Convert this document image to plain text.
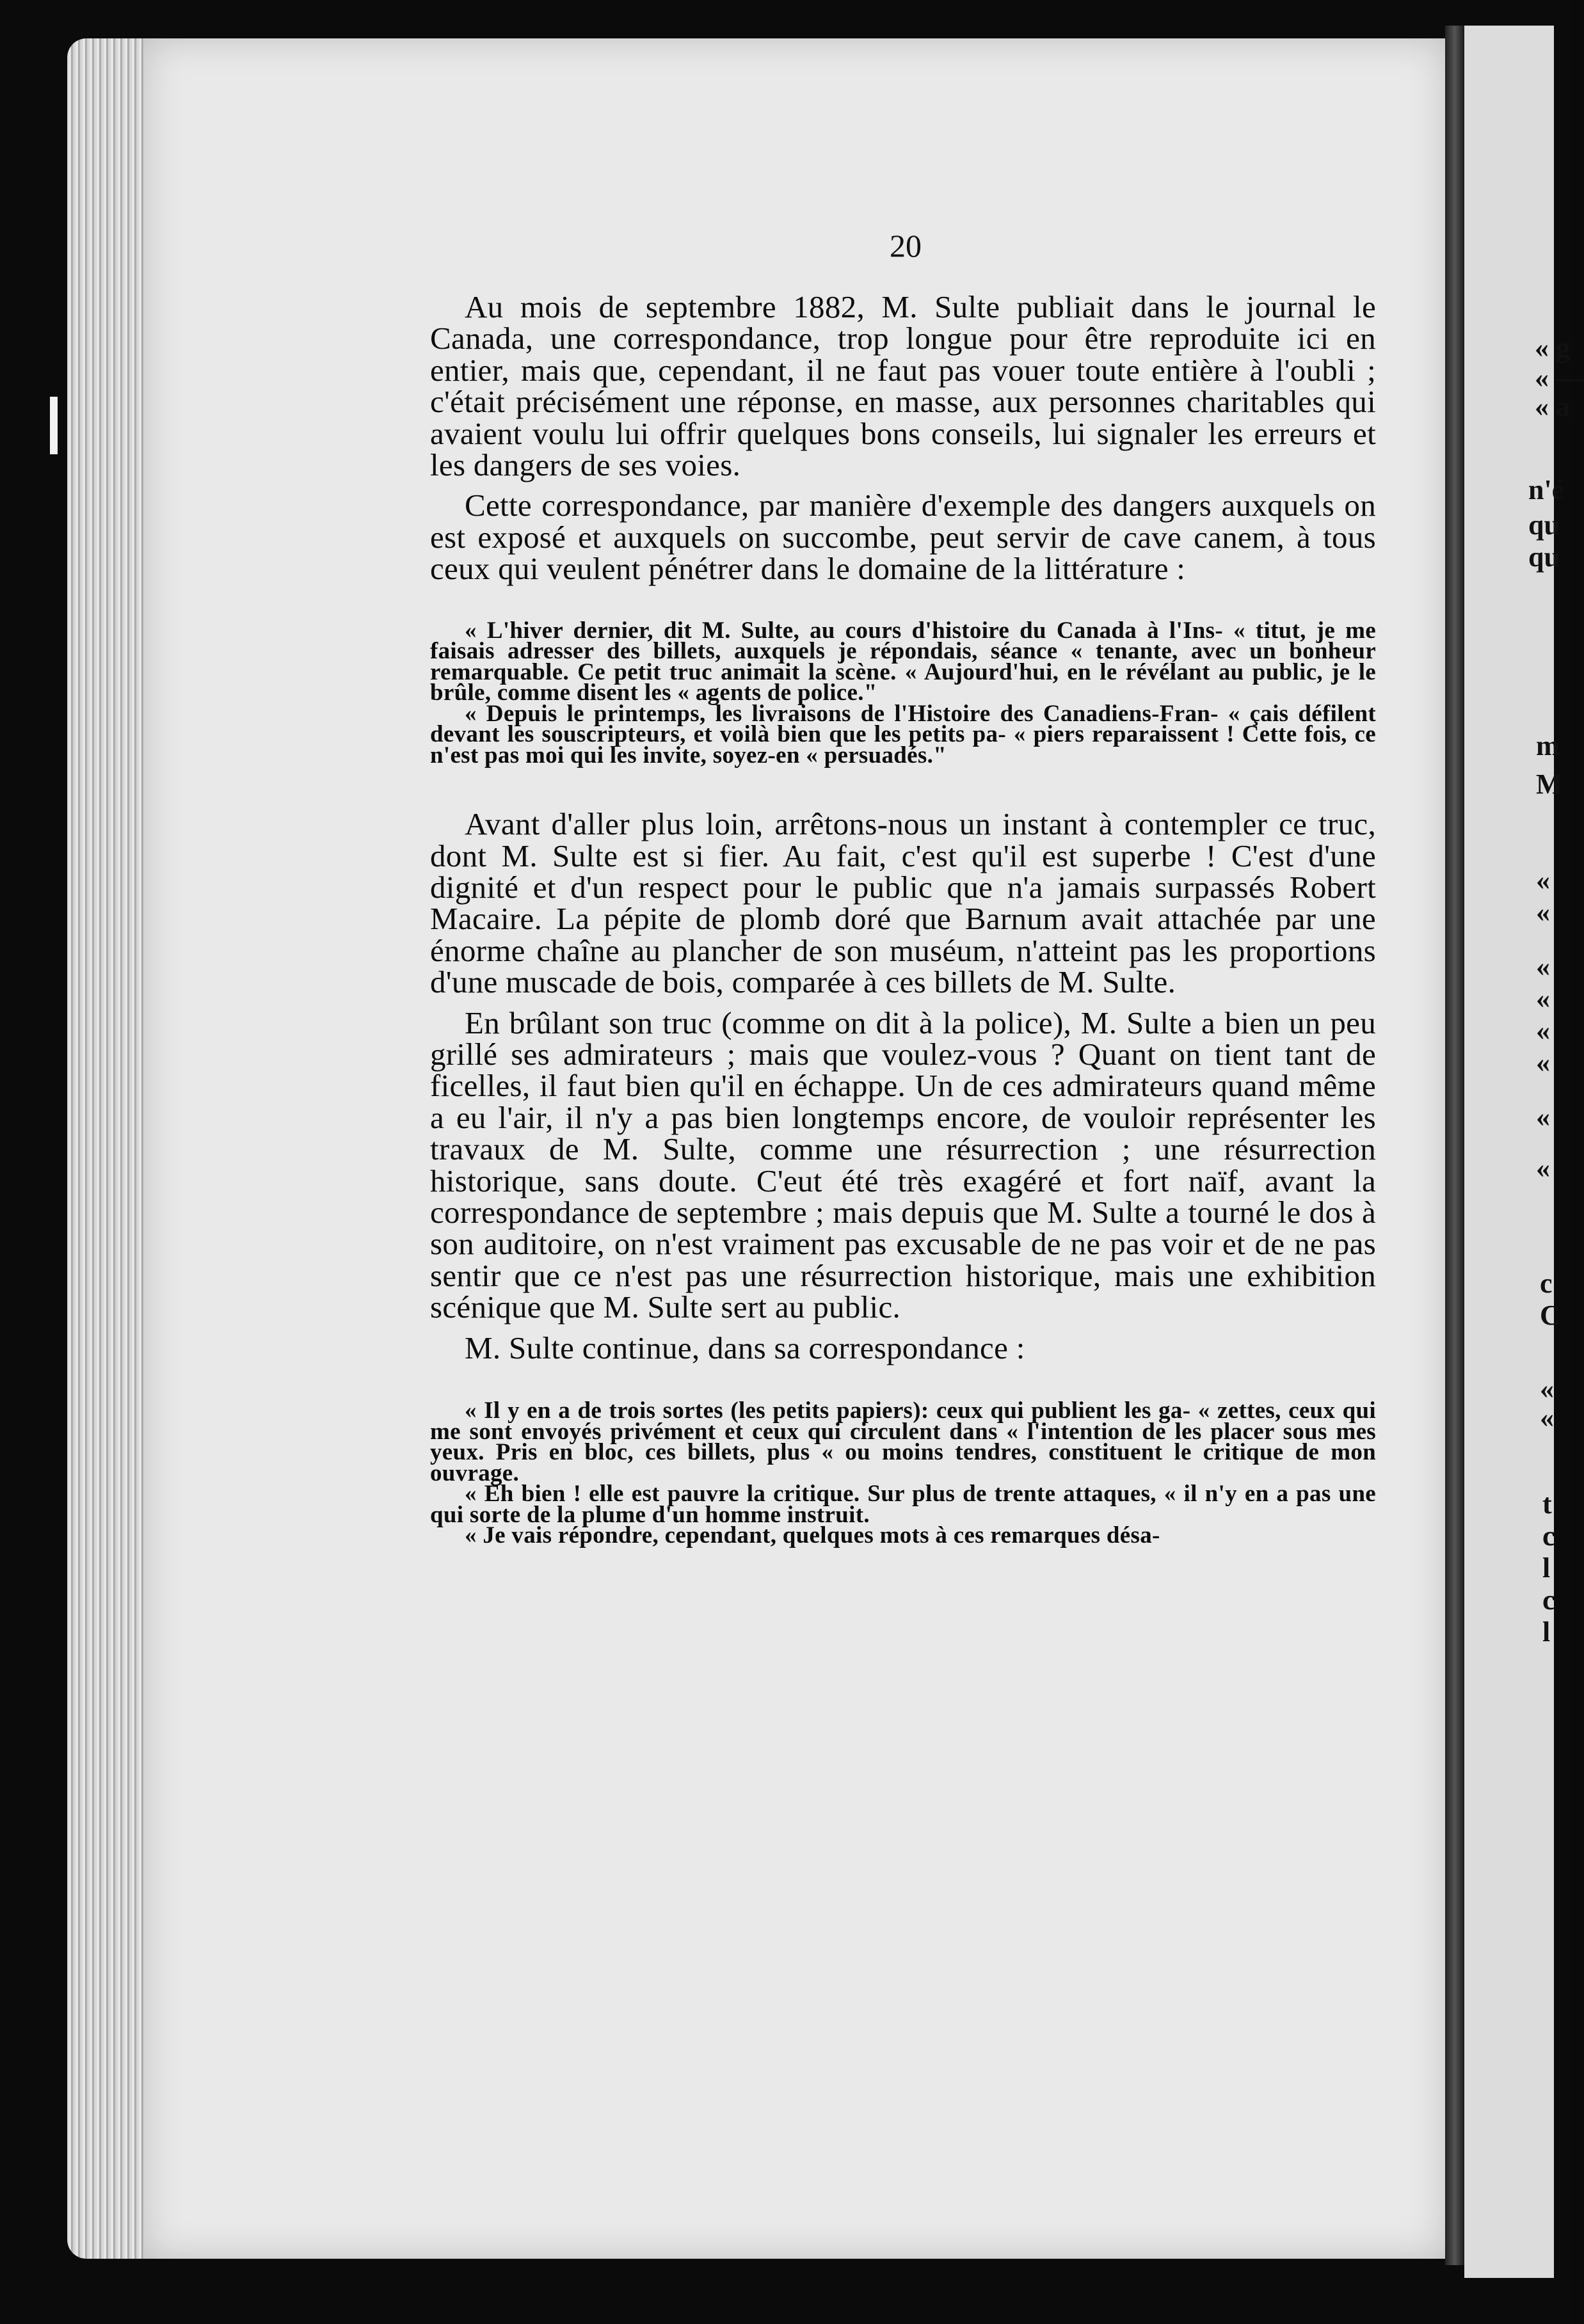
20

Au mois de septembre 1882, M. Sulte publiait dans le journal le Canada, une correspondance, trop longue pour être reproduite ici en entier, mais que, cependant, il ne faut pas vouer toute entière à l'oubli ; c'était précisément une réponse, en masse, aux personnes charitables qui avaient voulu lui offrir quelques bons conseils, lui signaler les erreurs et les dangers de ses voies.

Cette correspondance, par manière d'exemple des dangers auxquels on est exposé et auxquels on succombe, peut servir de cave canem, à tous ceux qui veulent pénétrer dans le domaine de la littérature :

« L'hiver dernier, dit M. Sulte, au cours d'histoire du Canada à l'Ins- « titut, je me faisais adresser des billets, auxquels je répondais, séance « tenante, avec un bonheur remarquable. Ce petit truc animait la scène. « Aujourd'hui, en le révélant au public, je le brûle, comme disent les « agents de police."

« Depuis le printemps, les livraisons de l'Histoire des Canadiens-Fran- « çais défilent devant les souscripteurs, et voilà bien que les petits pa- « piers reparaissent ! Cette fois, ce n'est pas moi qui les invite, soyez-en « persuadés."

Avant d'aller plus loin, arrêtons-nous un instant à contempler ce truc, dont M. Sulte est si fier. Au fait, c'est qu'il est superbe ! C'est d'une dignité et d'un respect pour le public que n'a jamais surpassés Robert Macaire. La pépite de plomb doré que Barnum avait attachée par une énorme chaîne au plancher de son muséum, n'atteint pas les proportions d'une muscade de bois, comparée à ces billets de M. Sulte.

En brûlant son truc (comme on dit à la police), M. Sulte a bien un peu grillé ses admirateurs ; mais que voulez-vous ? Quant on tient tant de ficelles, il faut bien qu'il en échappe. Un de ces admirateurs quand même a eu l'air, il n'y a pas bien longtemps encore, de vouloir représenter les travaux de M. Sulte, comme une résurrection ; une résurrection historique, sans doute. C'eut été très exagéré et fort naïf, avant la correspondance de septembre ; mais depuis que M. Sulte a tourné le dos à son auditoire, on n'est vraiment pas excusable de ne pas voir et de ne pas sentir que ce n'est pas une résurrection historique, mais une exhibition scénique que M. Sulte sert au public.

M. Sulte continue, dans sa correspondance :

« Il y en a de trois sortes (les petits papiers): ceux qui publient les ga- « zettes, ceux qui me sont envoyés privément et ceux qui circulent dans « l'intention de les placer sous mes yeux. Pris en bloc, ces billets, plus « ou moins tendres, constituent le critique de mon ouvrage.

« Eh bien ! elle est pauvre la critique. Sur plus de trente attaques, « il n'y en a pas une qui sorte de la plume d'un homme instruit.

« Je vais répondre, cependant, quelques mots à ces remarques désa-

« g
« —
« a
n'é
qu
qu
m
M
«
«
«
«
«
«
«
«
c
C
«
«
t
c
l
c
l
